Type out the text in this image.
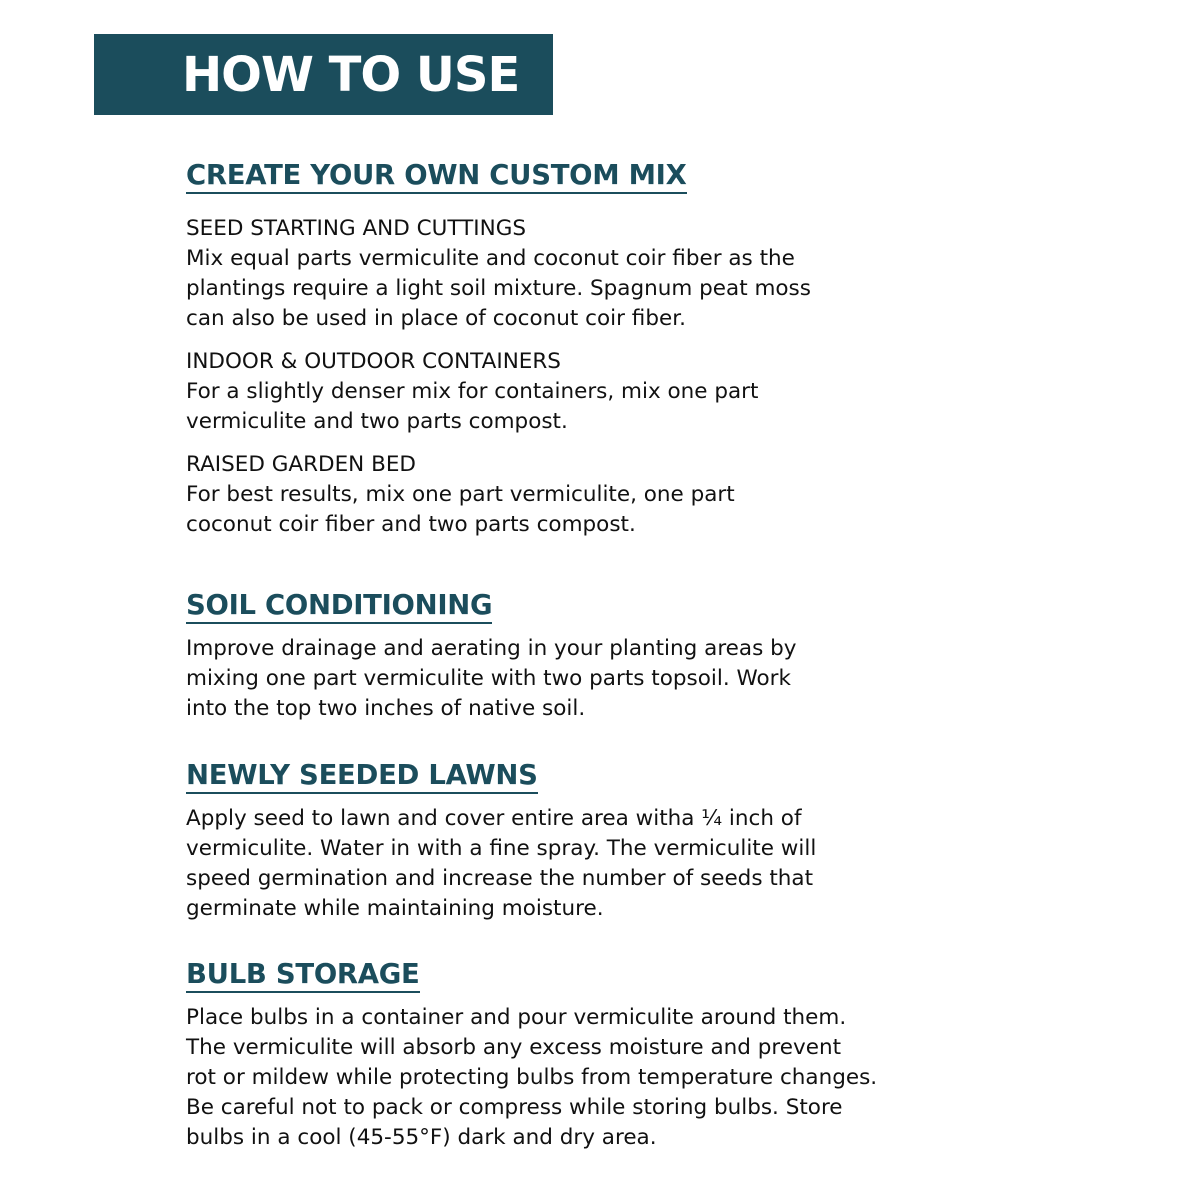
HOW TO USE
CREATE YOUR OWN CUSTOM MIX
SEED STARTING AND CUTTINGS
Mix equal parts vermiculite and coconut coir fiber as the
plantings require a light soil mixture. Spagnum peat moss
can also be used in place of coconut coir fiber.
INDOOR & OUTDOOR CONTAINERS
For a slightly denser mix for containers, mix one part
vermiculite and two parts compost.
RAISED GARDEN BED
For best results, mix one part vermiculite, one part
coconut coir fiber and two parts compost.
SOIL CONDITIONING
Improve drainage and aerating in your planting areas by
mixing one part vermiculite with two parts topsoil. Work
into the top two inches of native soil.
NEWLY SEEDED LAWNS
Apply seed to lawn and cover entire area witha ¼ inch of
vermiculite. Water in with a fine spray. The vermiculite will
speed germination and increase the number of seeds that
germinate while maintaining moisture.
BULB STORAGE
Place bulbs in a container and pour vermiculite around them.
The vermiculite will absorb any excess moisture and prevent
rot or mildew while protecting bulbs from temperature changes.
Be careful not to pack or compress while storing bulbs. Store
bulbs in a cool (45-55°F) dark and dry area.
